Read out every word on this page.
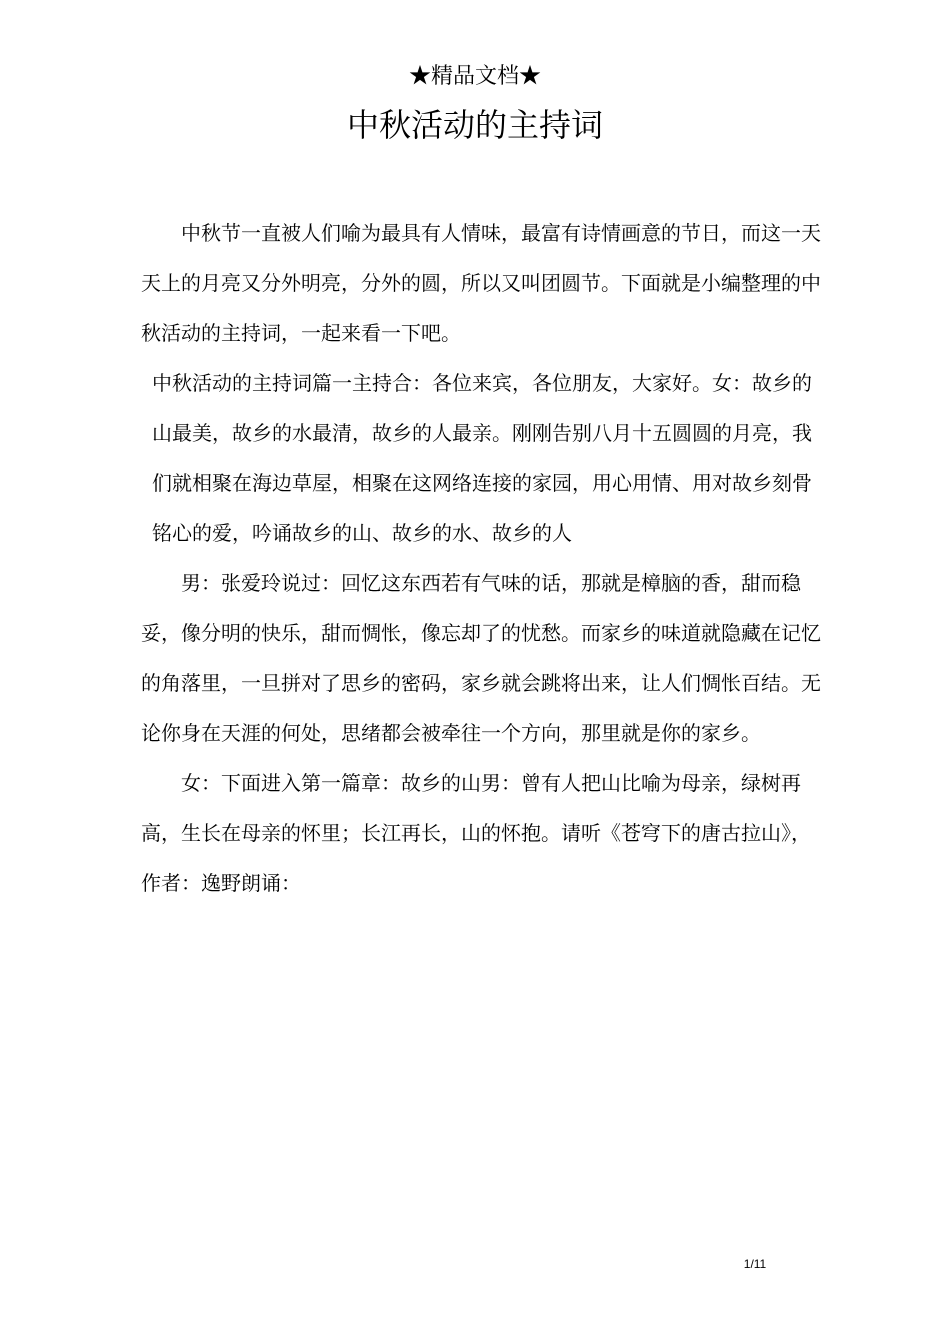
★精品文档★
中秋活动的主持词

中秋节一直被人们喻为最具有人情味，最富有诗情画意的节日，而这一天天上的月亮又分外明亮，分外的圆，所以又叫团圆节。下面就是小编整理的中秋活动的主持词，一起来看一下吧。

中秋活动的主持词篇一主持合：各位来宾，各位朋友，大家好。女：故乡的山最美，故乡的水最清，故乡的人最亲。刚刚告别八月十五圆圆的月亮，我们就相聚在海边草屋，相聚在这网络连接的家园，用心用情、用对故乡刻骨铭心的爱，吟诵故乡的山、故乡的水、故乡的人

男：张爱玲说过：回忆这东西若有气味的话，那就是樟脑的香，甜而稳妥，像分明的快乐，甜而惆怅，像忘却了的忧愁。而家乡的味道就隐藏在记忆的角落里，一旦拼对了思乡的密码，家乡就会跳将出来，让人们惆怅百结。无论你身在天涯的何处，思绪都会被牵往一个方向，那里就是你的家乡。

女：下面进入第一篇章：故乡的山男：曾有人把山比喻为母亲，绿树再高，生长在母亲的怀里；长江再长，山的怀抱。请听《苍穹下的唐古拉山》，作者：逸野朗诵：

1/11
